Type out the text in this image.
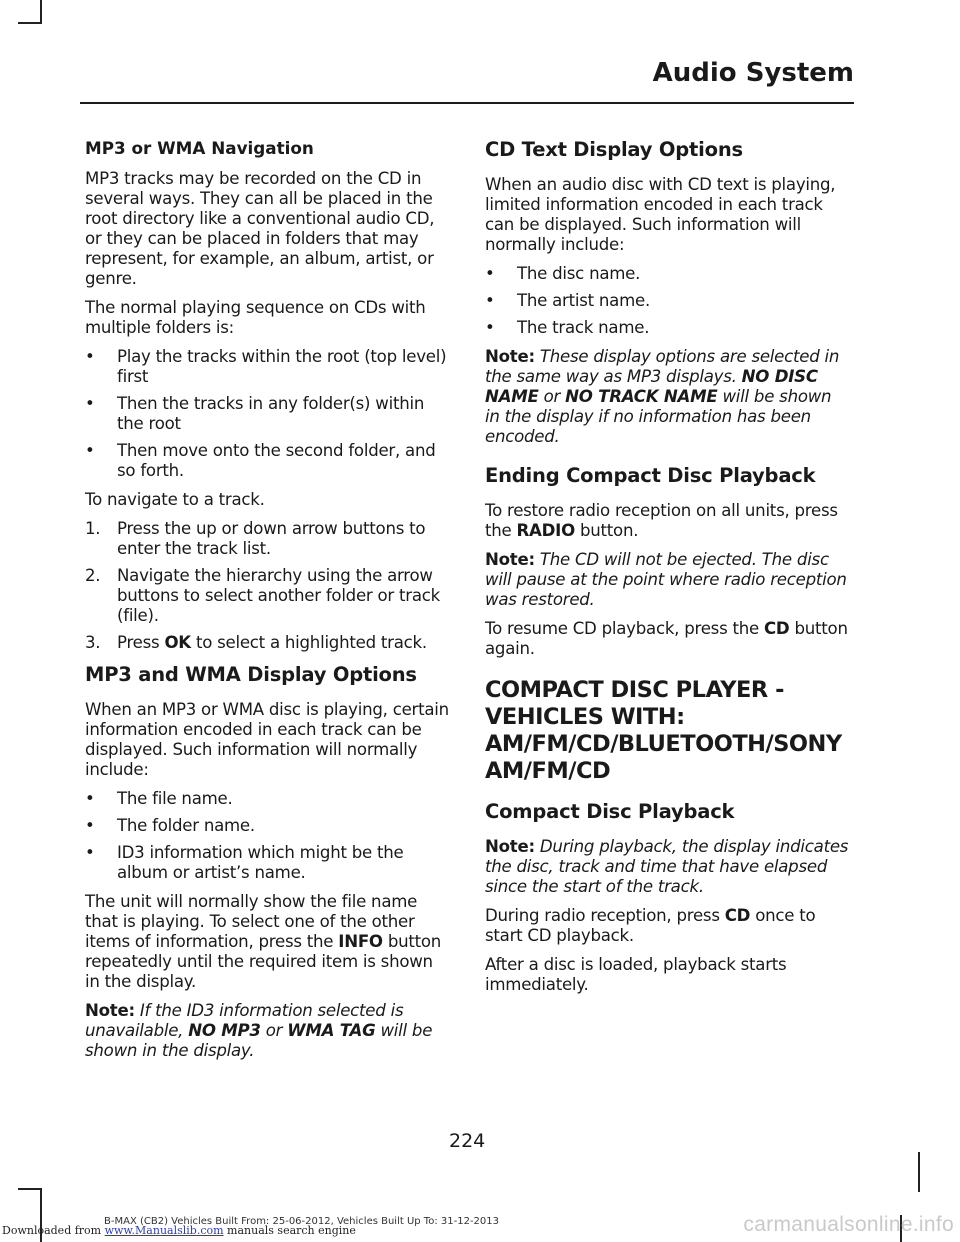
Audio System
MP3 or WMA Navigation

MP3 tracks may be recorded on the CD in several ways. They can all be placed in the root directory like a conventional audio CD, or they can be placed in folders that may represent, for example, an album, artist, or genre.

The normal playing sequence on CDs with multiple folders is:

• Play the tracks within the root (top level) first
• Then the tracks in any folder(s) within the root
• Then move onto the second folder, and so forth.

To navigate to a track.

1. Press the up or down arrow buttons to enter the track list.
2. Navigate the hierarchy using the arrow buttons to select another folder or track (file).
3. Press OK to select a highlighted track.
MP3 and WMA Display Options

When an MP3 or WMA disc is playing, certain information encoded in each track can be displayed. Such information will normally include:

• The file name.
• The folder name.
• ID3 information which might be the album or artist’s name.

The unit will normally show the file name that is playing. To select one of the other items of information, press the INFO button repeatedly until the required item is shown in the display.

Note: If the ID3 information selected is unavailable, NO MP3 or WMA TAG will be shown in the display.

CD Text Display Options

When an audio disc with CD text is playing, limited information encoded in each track can be displayed. Such information will normally include:

• The disc name.
• The artist name.
• The track name.

Note: These display options are selected in the same way as MP3 displays. NO DISC NAME or NO TRACK NAME will be shown in the display if no information has been encoded.

Ending Compact Disc Playback

To restore radio reception on all units, press the RADIO button.

Note: The CD will not be ejected. The disc will pause at the point where radio reception was restored.

To resume CD playback, press the CD button again.

COMPACT DISC PLAYER -
VEHICLES WITH:
AM/FM/CD/BLUETOOTH/SONY
AM/FM/CD
Compact Disc Playback

Note: During playback, the display indicates the disc, track and time that have elapsed since the start of the track.

During radio reception, press CD once to start CD playback.

After a disc is loaded, playback starts immediately.

224
B-MAX (CB2) Vehicles Built From: 25-06-2012, Vehicles Built Up To: 31-12-2013
Downloaded from www.Manualslib.com manuals search engine	carmanualsonline.info
